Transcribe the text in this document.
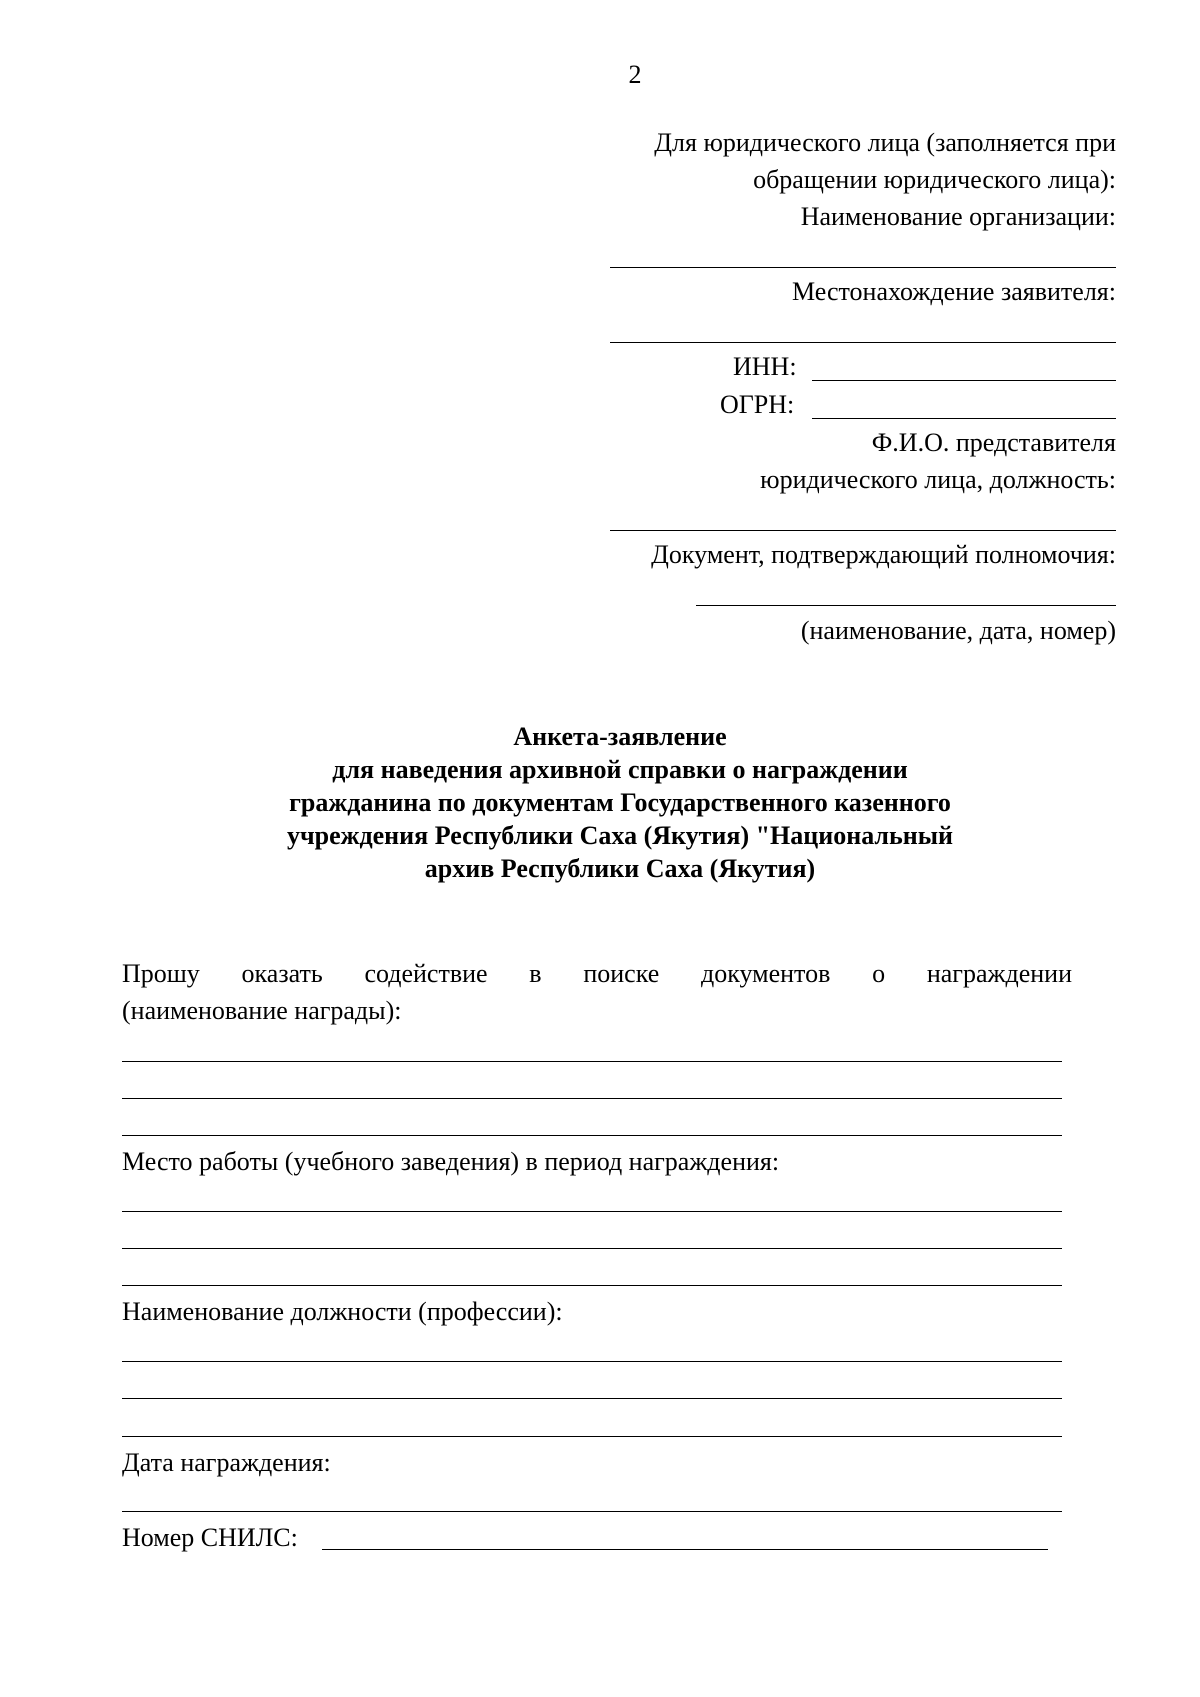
2
Для юридического лица (заполняется при
обращении юридического лица):
Наименование организации:
Местонахождение заявителя:
ИНН:
ОГРН:
Ф.И.О. представителя
юридического лица, должность:
Документ, подтверждающий полномочия:
(наименование, дата, номер)
Анкета-заявление
для наведения архивной справки о награждении
гражданина по документам Государственного казенного
учреждения Республики Саха (Якутия) "Национальный
архив Республики Саха (Якутия)
Прошу оказать содействие в поиске документов о награждении
(наименование награды):
Место работы (учебного заведения) в период награждения:
Наименование должности (профессии):
Дата награждения:
Номер СНИЛС:
